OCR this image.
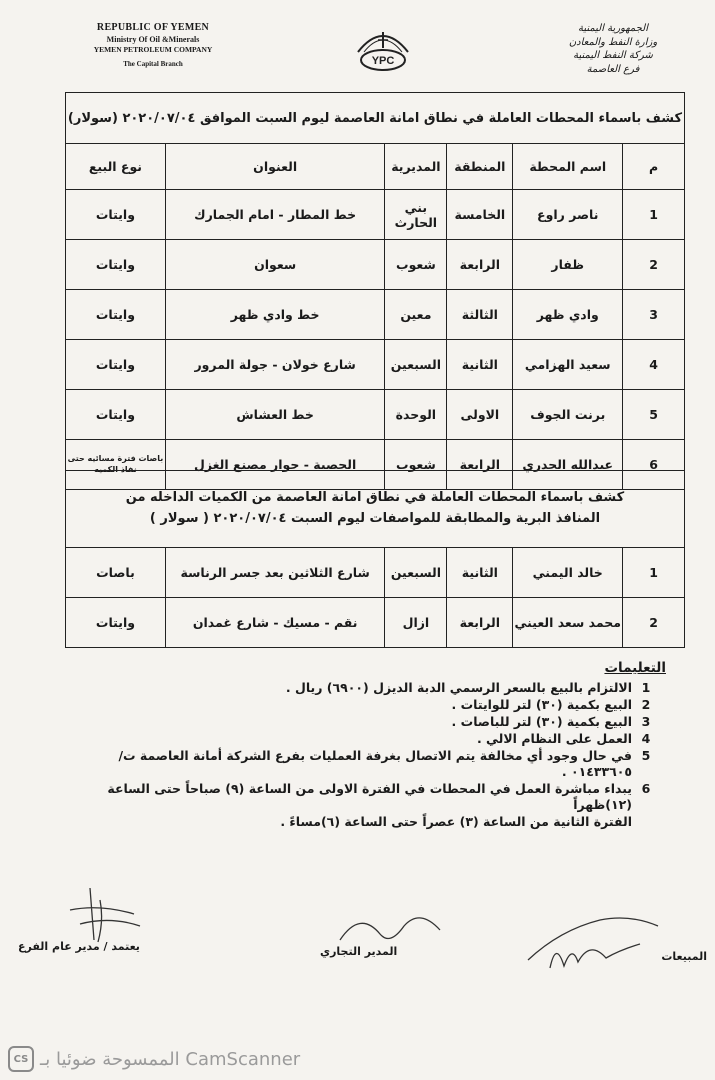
REPUBLIC OF YEMEN
Ministry Of Oil &Minerals
YEMEN PETROLEUM COMPANY
The Capital Branch	YPC
الجمهورية اليمنية
وزارة النفط والمعادن
شركة النفط اليمنية
فرع العاصمة
كشف باسماء المحطات العاملة في نطاق امانة العاصمة ليوم السبت الموافق ٢٠٢٠/٠٧/٠٤ (سولار)					
م	اسم المحطة	المنطقة	المديرية	العنوان	نوع البيع
1	ناصر راوع	الخامسة	بني الحارث	خط المطار - امام الجمارك	وايتات
2	ظفار	الرابعة	شعوب	سعوان	وايتات
3	وادي ظهر	الثالثة	معين	خط وادي ظهر	وايتات
4	سعيد الهزامي	الثانية	السبعين	شارع خولان - جولة المرور	وايتات
5	برنت الجوف	الاولى	الوحدة	خط العشاش	وايتات
6	عبدالله الجدري	الرابعة	شعوب	الحصبة - جوار مصنع الغزل	باصات فترة مسائيه حتى نفاذ الكميه
كشف باسماء المحطات العاملة في نطاق امانة العاصمة من الكميات الداخله من
المنافذ البرية والمطابقة للمواصفات ليوم السبت ٢٠٢٠/٠٧/٠٤ ( سولار )					

1	خالد اليمني	الثانية	السبعين	شارع الثلاثين بعد جسر الرناسة	باصات
2	محمد سعد العيني	الرابعة	ازال	نقم - مسيك - شارع غمدان	وايتات
التعليمات
1
الالتزام بالبيع بالسعر الرسمي الدبة الديزل (٦٩٠٠) ريال .
2
البيع بكمية (٣٠) لتر للوايتات .
3
البيع بكمية (٣٠) لتر للباصات .
4
العمل على النظام الالي .
5
في حال وجود أي مخالفة يتم الاتصال بغرفة العمليات بفرع الشركة أمانة العاصمة ت/٠١٤٣٣٦٠٥ .
6
يبداء مباشرة العمل في المحطات في الفترة الاولى من الساعة (٩) صباحاً حتى الساعة (١٢)ظهراً
الفترة الثانية من الساعة (٣) عصراً حتى الساعة (٦)مساءً .
المبيعات
المدير التجاري
يعتمد / مدير عام الفرع
CS CamScanner الممسوحة ضوئيا بـ
